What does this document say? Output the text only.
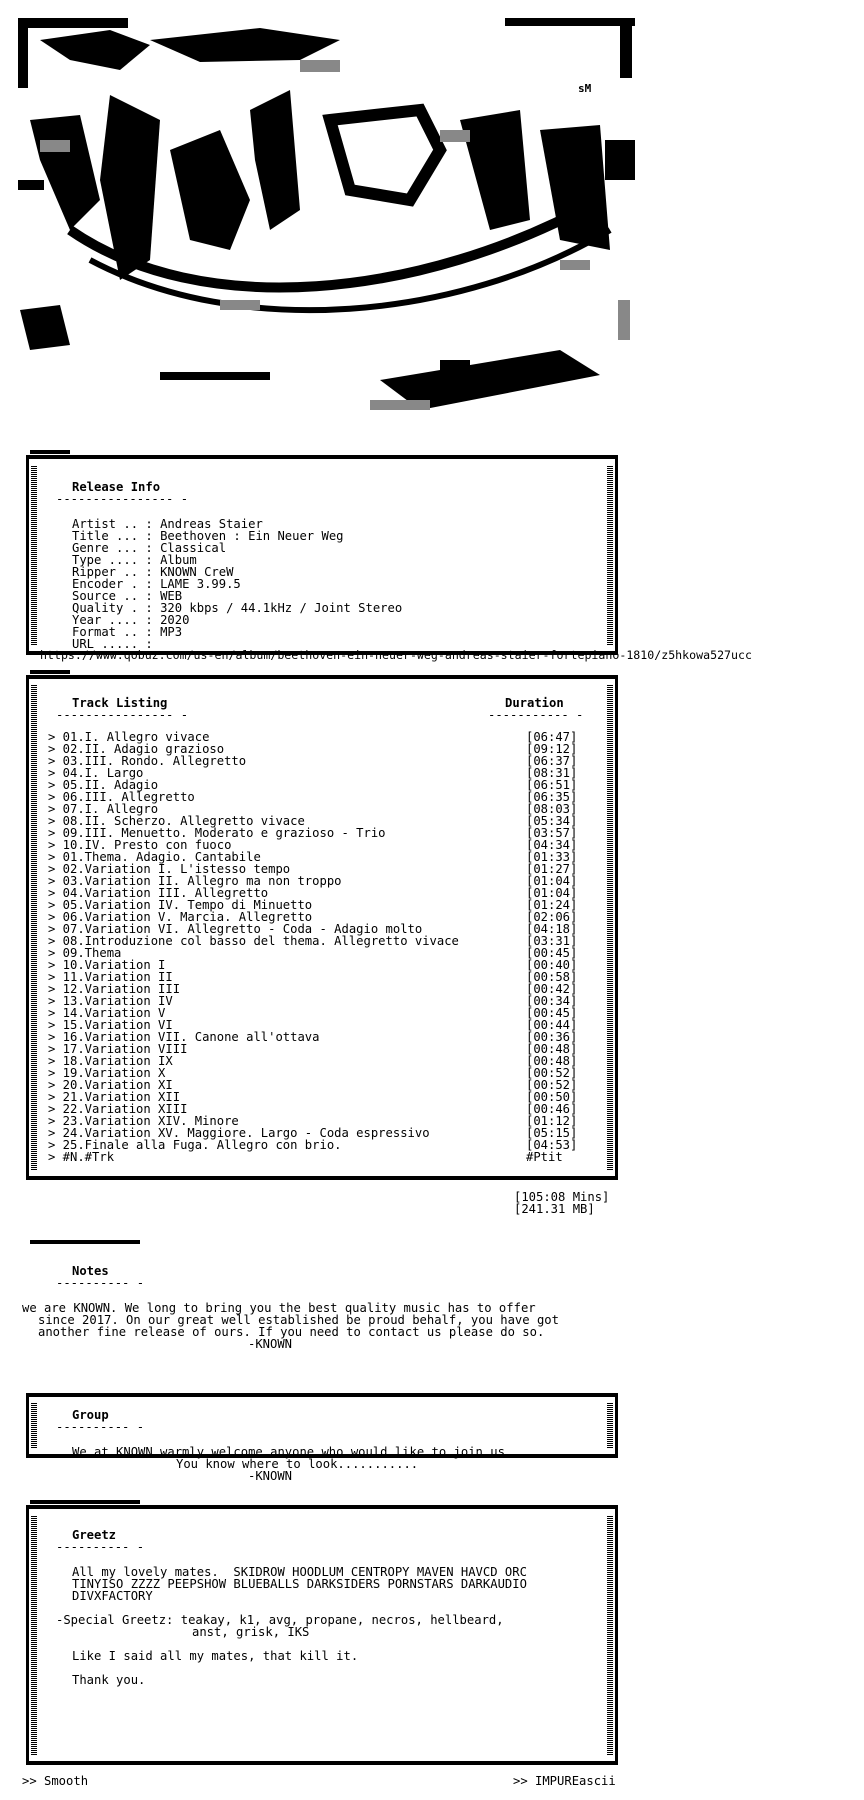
sM
Release Info
---------------- -
Artist .. : Andreas Staier
Title ... : Beethoven : Ein Neuer Weg
Genre ... : Classical
Type .... : Album
Ripper .. : KNOWN CreW
Encoder . : LAME 3.99.5
Source .. : WEB
Quality . : 320 kbps / 44.1kHz / Joint Stereo
Year .... : 2020
Format .. : MP3
URL ..... :
https://www.qobuz.com/us-en/album/beethoven-ein-neuer-weg-andreas-staier-fortepiano-1810/z5hkowa527ucc
Track Listing
---------------- -
Duration
----------- -
> 01.I. Allegro vivace	[06:47]
> 02.II. Adagio grazioso	[09:12]
> 03.III. Rondo. Allegretto	[06:37]
> 04.I. Largo	[08:31]
> 05.II. Adagio	[06:51]
> 06.III. Allegretto	[06:35]
> 07.I. Allegro	[08:03]
> 08.II. Scherzo. Allegretto vivace	[05:34]
> 09.III. Menuetto. Moderato e grazioso - Trio	[03:57]
> 10.IV. Presto con fuoco	[04:34]
> 01.Thema. Adagio. Cantabile	[01:33]
> 02.Variation I. L'istesso tempo	[01:27]
> 03.Variation II. Allegro ma non troppo	[01:04]
> 04.Variation III. Allegretto	[01:04]
> 05.Variation IV. Tempo di Minuetto	[01:24]
> 06.Variation V. Marcia. Allegretto	[02:06]
> 07.Variation VI. Allegretto - Coda - Adagio molto	[04:18]
> 08.Introduzione col basso del thema. Allegretto vivace	[03:31]
> 09.Thema	[00:45]
> 10.Variation I	[00:40]
> 11.Variation II	[00:58]
> 12.Variation III	[00:42]
> 13.Variation IV	[00:34]
> 14.Variation V	[00:45]
> 15.Variation VI	[00:44]
> 16.Variation VII. Canone all'ottava	[00:36]
> 17.Variation VIII	[00:48]
> 18.Variation IX	[00:48]
> 19.Variation X	[00:52]
> 20.Variation XI	[00:52]
> 21.Variation XII	[00:50]
> 22.Variation XIII	[00:46]
> 23.Variation XIV. Minore	[01:12]
> 24.Variation XV. Maggiore. Largo - Coda espressivo	[05:15]
> 25.Finale alla Fuga. Allegro con brio.	[04:53]
> #N.#Trk	#Ptit
[105:08 Mins]
[241.31 MB]
Notes
---------- -
we are KNOWN. We long to bring you the best quality music has to offer
since 2017. On our great well established be proud behalf, you have got
another fine release of ours. If you need to contact us please do so.
-KNOWN
Group
---------- -
We at KNOWN warmly welcome anyone who would like to join us.
You know where to look...........
-KNOWN
Greetz
---------- -
All my lovely mates.  SKIDROW HOODLUM CENTROPY MAVEN HAVCD ORC
TINYISO ZZZZ PEEPSHOW BLUEBALLS DARKSIDERS PORNSTARS DARKAUDIO
DIVXFACTORY
-Special Greetz: teakay, k1, avg, propane, necros, hellbeard,
anst, grisk, IKS
Like I said all my mates, that kill it.
Thank you.
>> Smooth	>> IMPUREascii
